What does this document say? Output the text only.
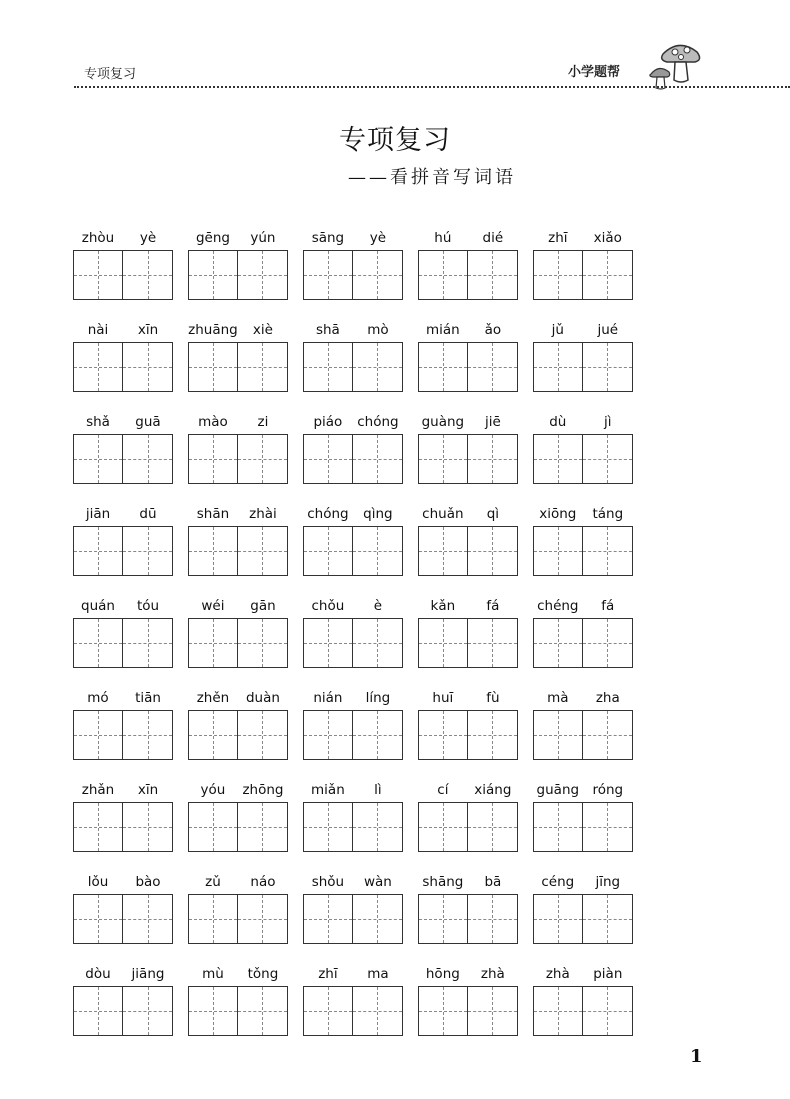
专项复习	小学题帮
专项复习
——看拼音写词语
zhòu	yè	gēng	yún	sāng	yè	hú	dié	zhī	xiǎo
nài	xīn	zhuāng	xiè	shā	mò	mián	ǎo	jǔ	jué
shǎ	guā	mào	zi	piáo	chóng	guàng	jiē	dù	jì
jiān	dū	shān	zhài	chóng	qìng	chuǎn	qì	xiōng	táng
quán	tóu	wéi	gān	chǒu	è	kǎn	fá	chéng	fá
mó	tiān	zhěn	duàn	nián	líng	huī	fù	mà	zha
zhǎn	xīn	yóu	zhōng	miǎn	lì	cí	xiáng	guāng róng
lǒu	bào	zǔ	náo	shǒu	wàn	shāng	bā	céng	jīng
dòu	jiāng	mù	tǒng	zhī	ma	hōng	zhà	zhà	piàn
1
